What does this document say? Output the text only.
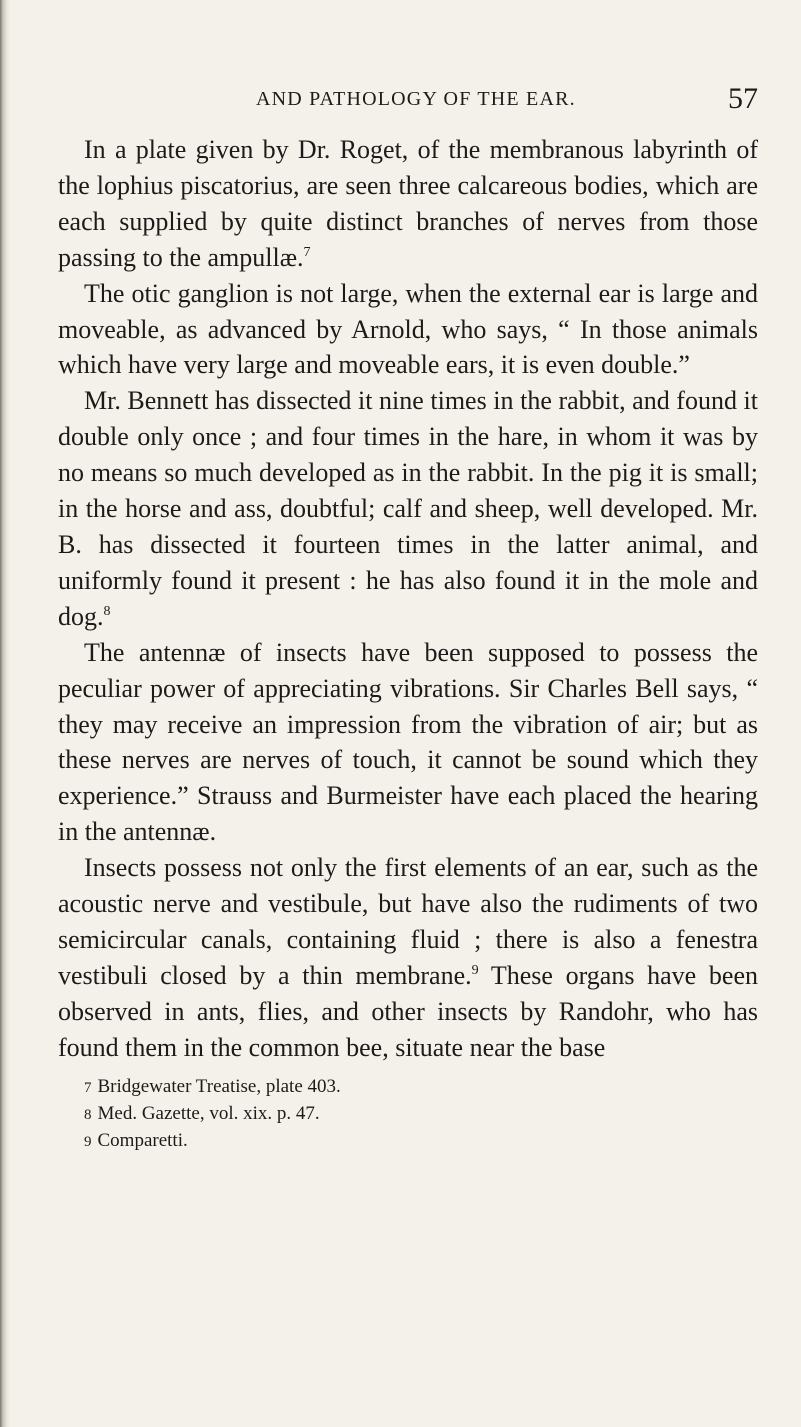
AND PATHOLOGY OF THE EAR.	57

In a plate given by Dr. Roget, of the membranous labyrinth of the lophius piscatorius, are seen three calcareous bodies, which are each supplied by quite distinct branches of nerves from those passing to the ampullæ.$^7$

The otic ganglion is not large, when the external ear is large and moveable, as advanced by Arnold, who says, “ In those animals which have very large and moveable ears, it is even double.”

Mr. Bennett has dissected it nine times in the rabbit, and found it double only once ; and four times in the hare, in whom it was by no means so much developed as in the rabbit. In the pig it is small; in the horse and ass, doubtful; calf and sheep, well developed. Mr. B. has dissected it fourteen times in the latter animal, and uniformly found it present : he has also found it in the mole and dog.$^8$

The antennæ of insects have been supposed to possess the peculiar power of appreciating vibrations. Sir Charles Bell says, “ they may receive an impression from the vibration of air; but as these nerves are nerves of touch, it cannot be sound which they experience.” Strauss and Burmeister have each placed the hearing in the antennæ.

Insects possess not only the first elements of an ear, such as the acoustic nerve and vestibule, but have also the rudiments of two semicircular canals, containing fluid ; there is also a fenestra vestibuli closed by a thin membrane.$^9$ These organs have been observed in ants, flies, and other insects by Randohr, who has found them in the common bee, situate near the base

7 Bridgewater Treatise, plate 403.
8 Med. Gazette, vol. xix. p. 47.
9 Comparetti.
